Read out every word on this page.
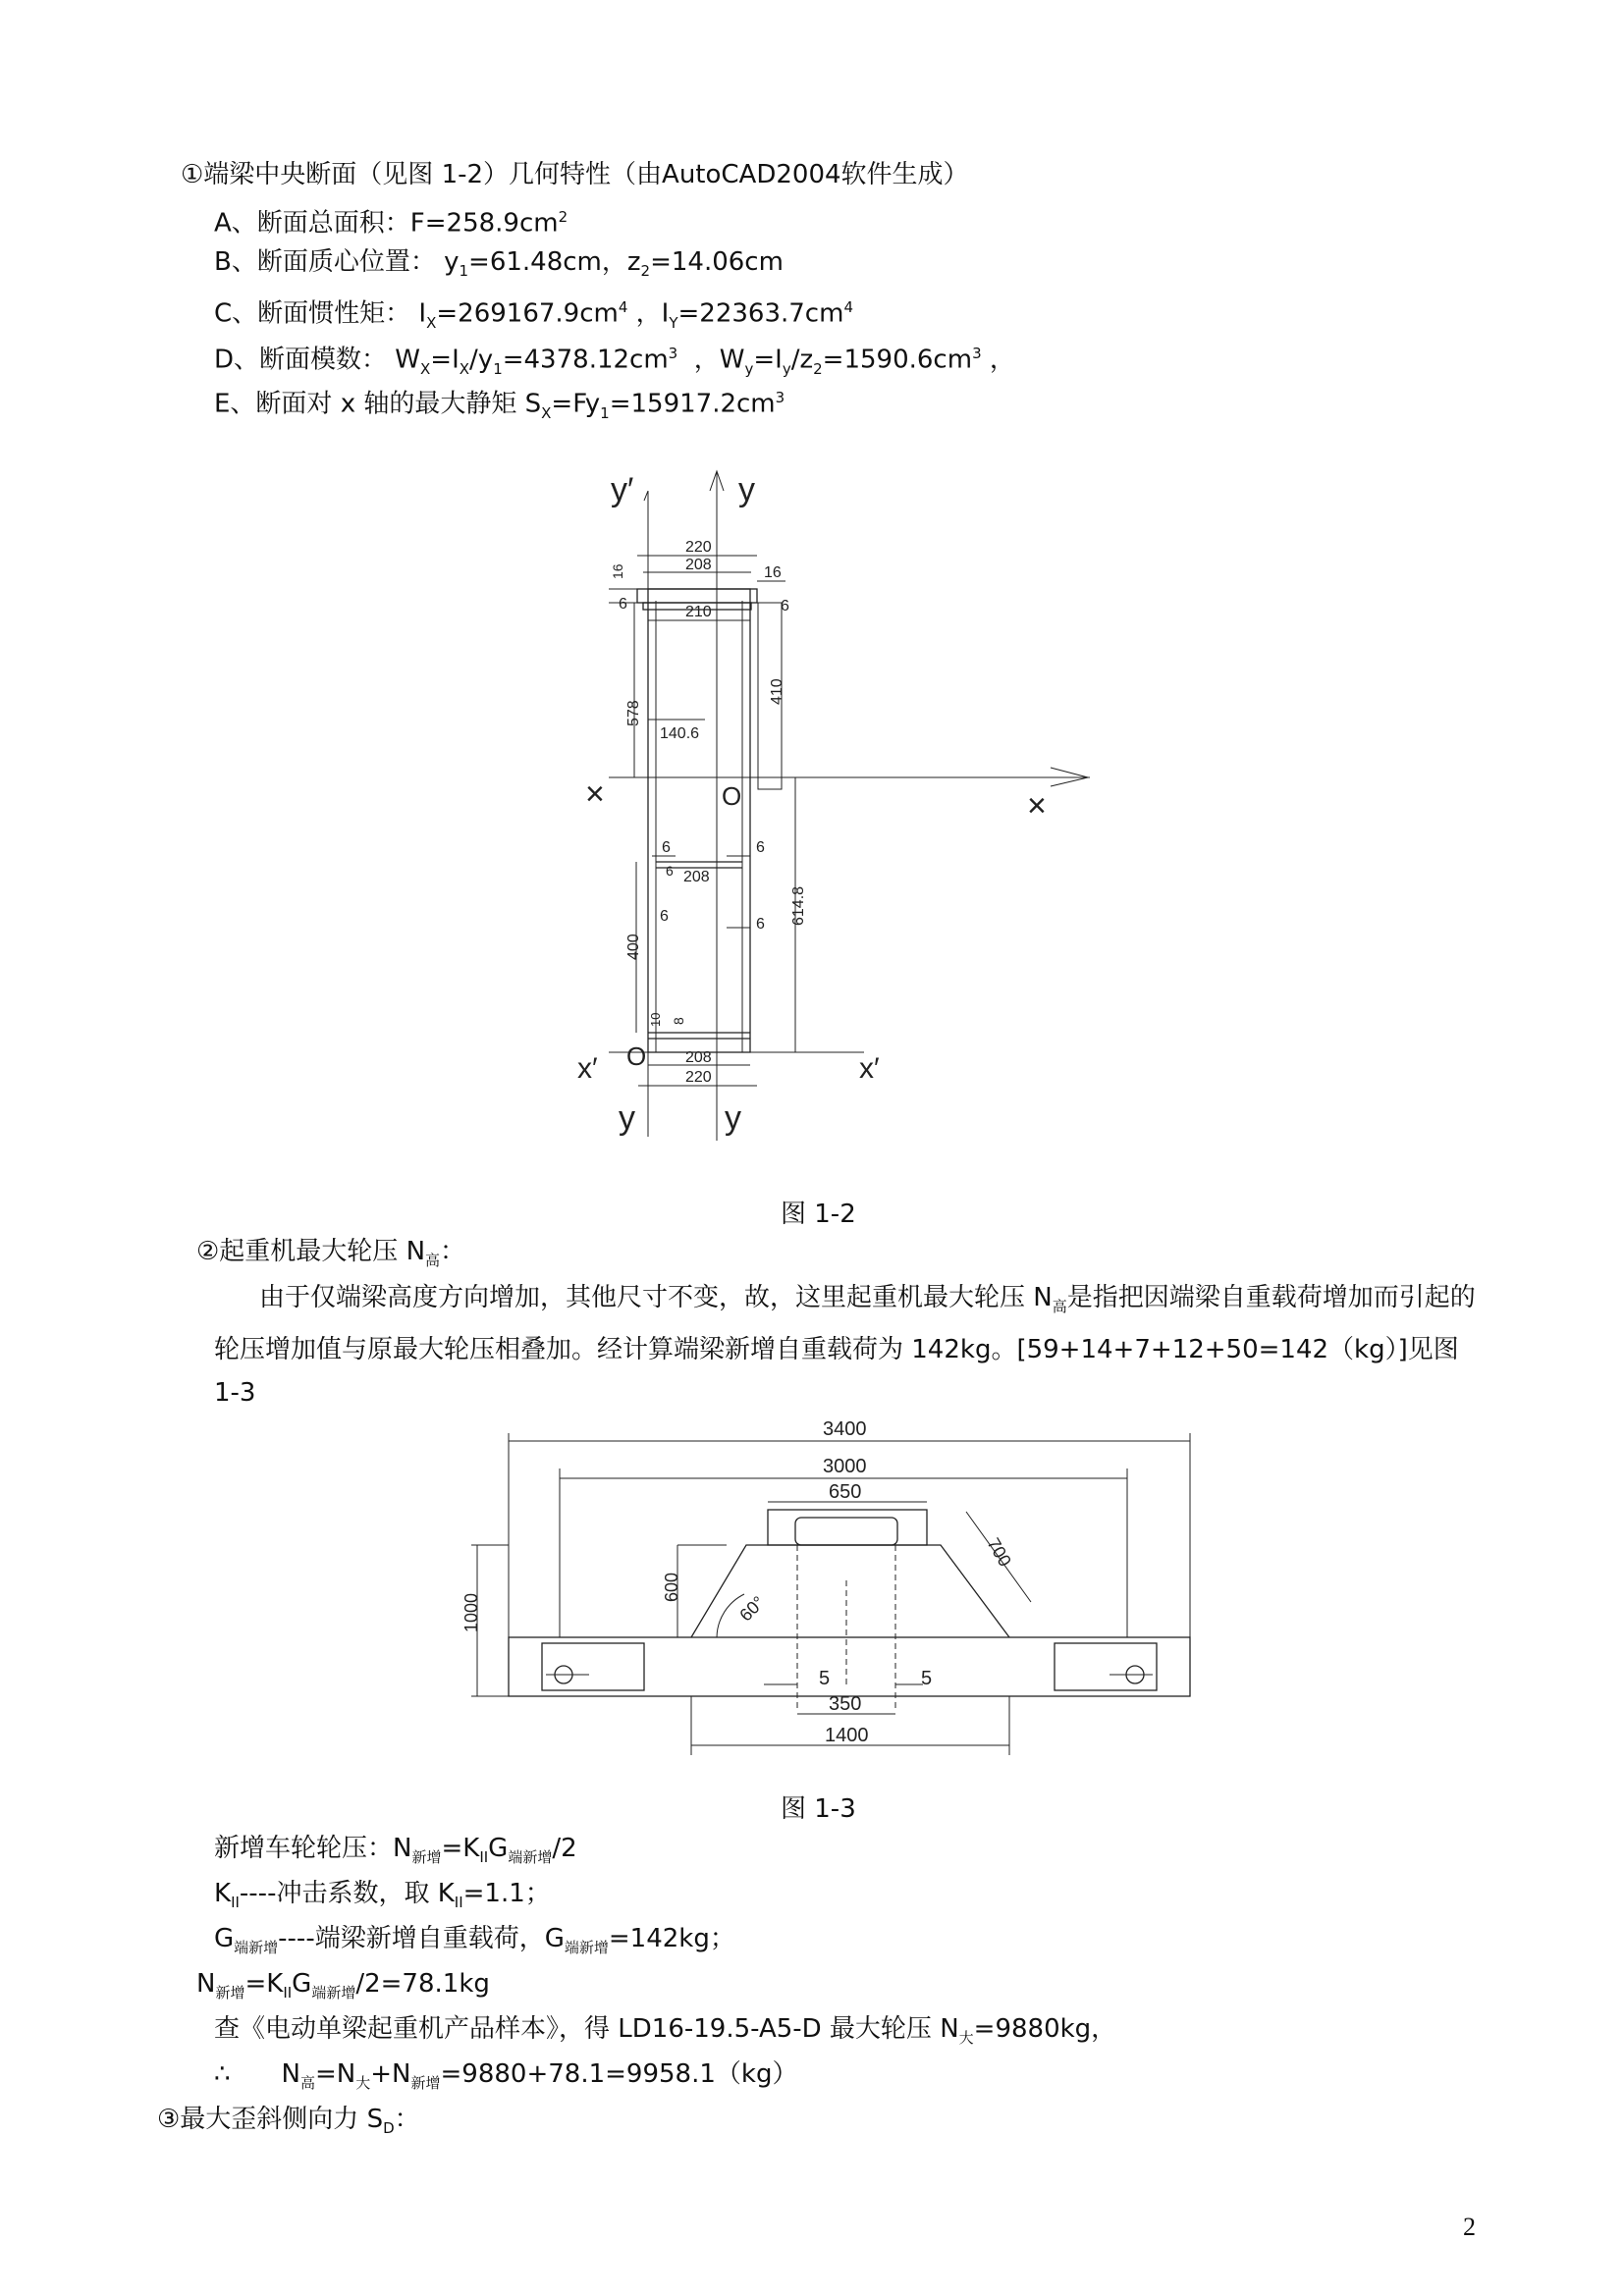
①端梁中央断面（见图 1-2）几何特性（由AutoCAD2004软件生成）
A、断面总面积：$F=258.9cm^2$
B、断面质心位置： $y_1=61.48cm$，$z_2=14.06cm$
C、断面惯性矩： $I_X=269167.9cm^4$ ，$I_Y=22363.7cm^4$
D、断面模数： $W_X=I_X/y_1=4378.12cm^3$ ，$W_y=I_y/z_2=1590.6cm^3$ ，
E、断面对 x 轴的最大静矩 $S_X=Fy_1=15917.2cm^3$
y′	y
×	×
O
O
x′	x′
y	y
220
208	16
16
6	210	6
410
578
140.6
6	6
6 208
6	6 614.8
400
10 8
208
220
图 1-2
②起重机最大轮压 $N_高$：
由于仅端梁高度方向增加，其他尺寸不变，故，这里起重机最大轮压 $N_高$是指把因端梁自重载荷增加而引起的轮压增加值与原最大轮压相叠加。经计算端梁新增自重载荷为 142kg。[59+14+7+12+50=142（kg）]见图 1-3
3400
3000
650
700
600
1000	60°
5	5
350
1400
图 1-3
新增车轮轮压：$N_{新增}=K_{II}G_{端新增}/2$
$K_{II}----$冲击系数，取 $K_{II}=1.1$；
$G_{端新增}----$端梁新增自重载荷，$G_{端新增}=142kg$；
$N_{新增}=K_{II}G_{端新增}/2=78.1kg$
查《电动单梁起重机产品样本》，得 LD16-19.5-A5-D 最大轮压 $N_大=9880kg$，
∴　　$N_高=N_大+N_{新增}=9880+78.1=9958.1(kg)$
③最大歪斜侧向力 $S_D$：
2
